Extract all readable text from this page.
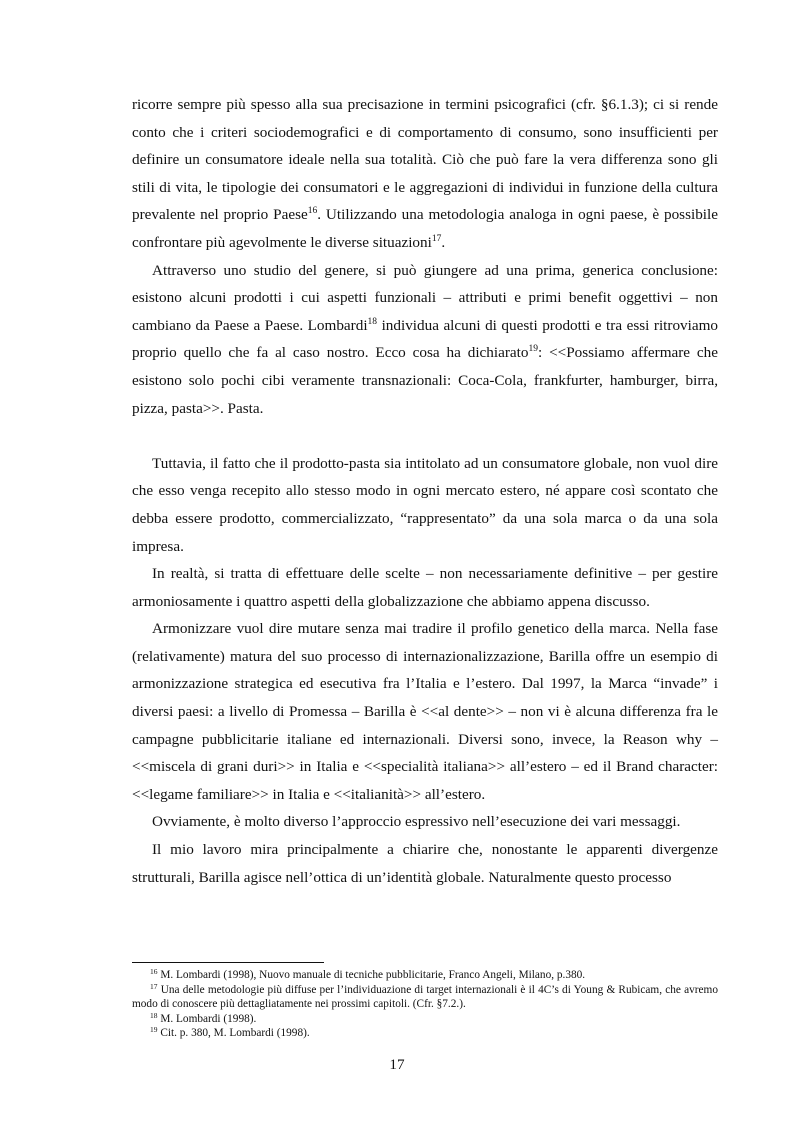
ricorre sempre più spesso alla sua precisazione in termini psicografici (cfr. §6.1.3); ci si rende conto che i criteri sociodemografici e di comportamento di consumo, sono insufficienti per definire un consumatore ideale nella sua totalità. Ciò che può fare la vera differenza sono gli stili di vita, le tipologie dei consumatori e le aggregazioni di individui in funzione della cultura prevalente nel proprio Paese$^{16}$. Utilizzando una metodologia analoga in ogni paese, è possibile confrontare più agevolmente le diverse situazioni$^{17}$.

Attraverso uno studio del genere, si può giungere ad una prima, generica conclusione: esistono alcuni prodotti i cui aspetti funzionali – attributi e primi benefit oggettivi – non cambiano da Paese a Paese. Lombardi$^{18}$ individua alcuni di questi prodotti e tra essi ritroviamo proprio quello che fa al caso nostro. Ecco cosa ha dichiarato$^{19}$: <<Possiamo affermare che esistono solo pochi cibi veramente transnazionali: Coca-Cola, frankfurter, hamburger, birra, pizza, pasta>>. Pasta.

Tuttavia, il fatto che il prodotto-pasta sia intitolato ad un consumatore globale, non vuol dire che esso venga recepito allo stesso modo in ogni mercato estero, né appare così scontato che debba essere prodotto, commercializzato, “rappresentato” da una sola marca o da una sola impresa.

In realtà, si tratta di effettuare delle scelte – non necessariamente definitive – per gestire armoniosamente i quattro aspetti della globalizzazione che abbiamo appena discusso.

Armonizzare vuol dire mutare senza mai tradire il profilo genetico della marca. Nella fase (relativamente) matura del suo processo di internazionalizzazione, Barilla offre un esempio di armonizzazione strategica ed esecutiva fra l’Italia e l’estero. Dal 1997, la Marca “invade” i diversi paesi: a livello di Promessa – Barilla è <<al dente>> – non vi è alcuna differenza fra le campagne pubblicitarie italiane ed internazionali. Diversi sono, invece, la Reason why – <<miscela di grani duri>> in Italia e <<specialità italiana>> all’estero – ed il Brand character: <<legame familiare>> in Italia e <<italianità>> all’estero.

Ovviamente, è molto diverso l’approccio espressivo nell’esecuzione dei vari messaggi.

Il mio lavoro mira principalmente a chiarire che, nonostante le apparenti divergenze strutturali, Barilla agisce nell’ottica di un’identità globale. Naturalmente questo processo

$^{16}$ M. Lombardi (1998), Nuovo manuale di tecniche pubblicitarie, Franco Angeli, Milano, p.380.

$^{17}$ Una delle metodologie più diffuse per l’individuazione di target internazionali è il 4C’s di Young & Rubicam, che avremo modo di conoscere più dettagliatamente nei prossimi capitoli. (Cfr. §7.2.).

$^{18}$ M. Lombardi (1998).

$^{19}$ Cit. p. 380, M. Lombardi (1998).

17
